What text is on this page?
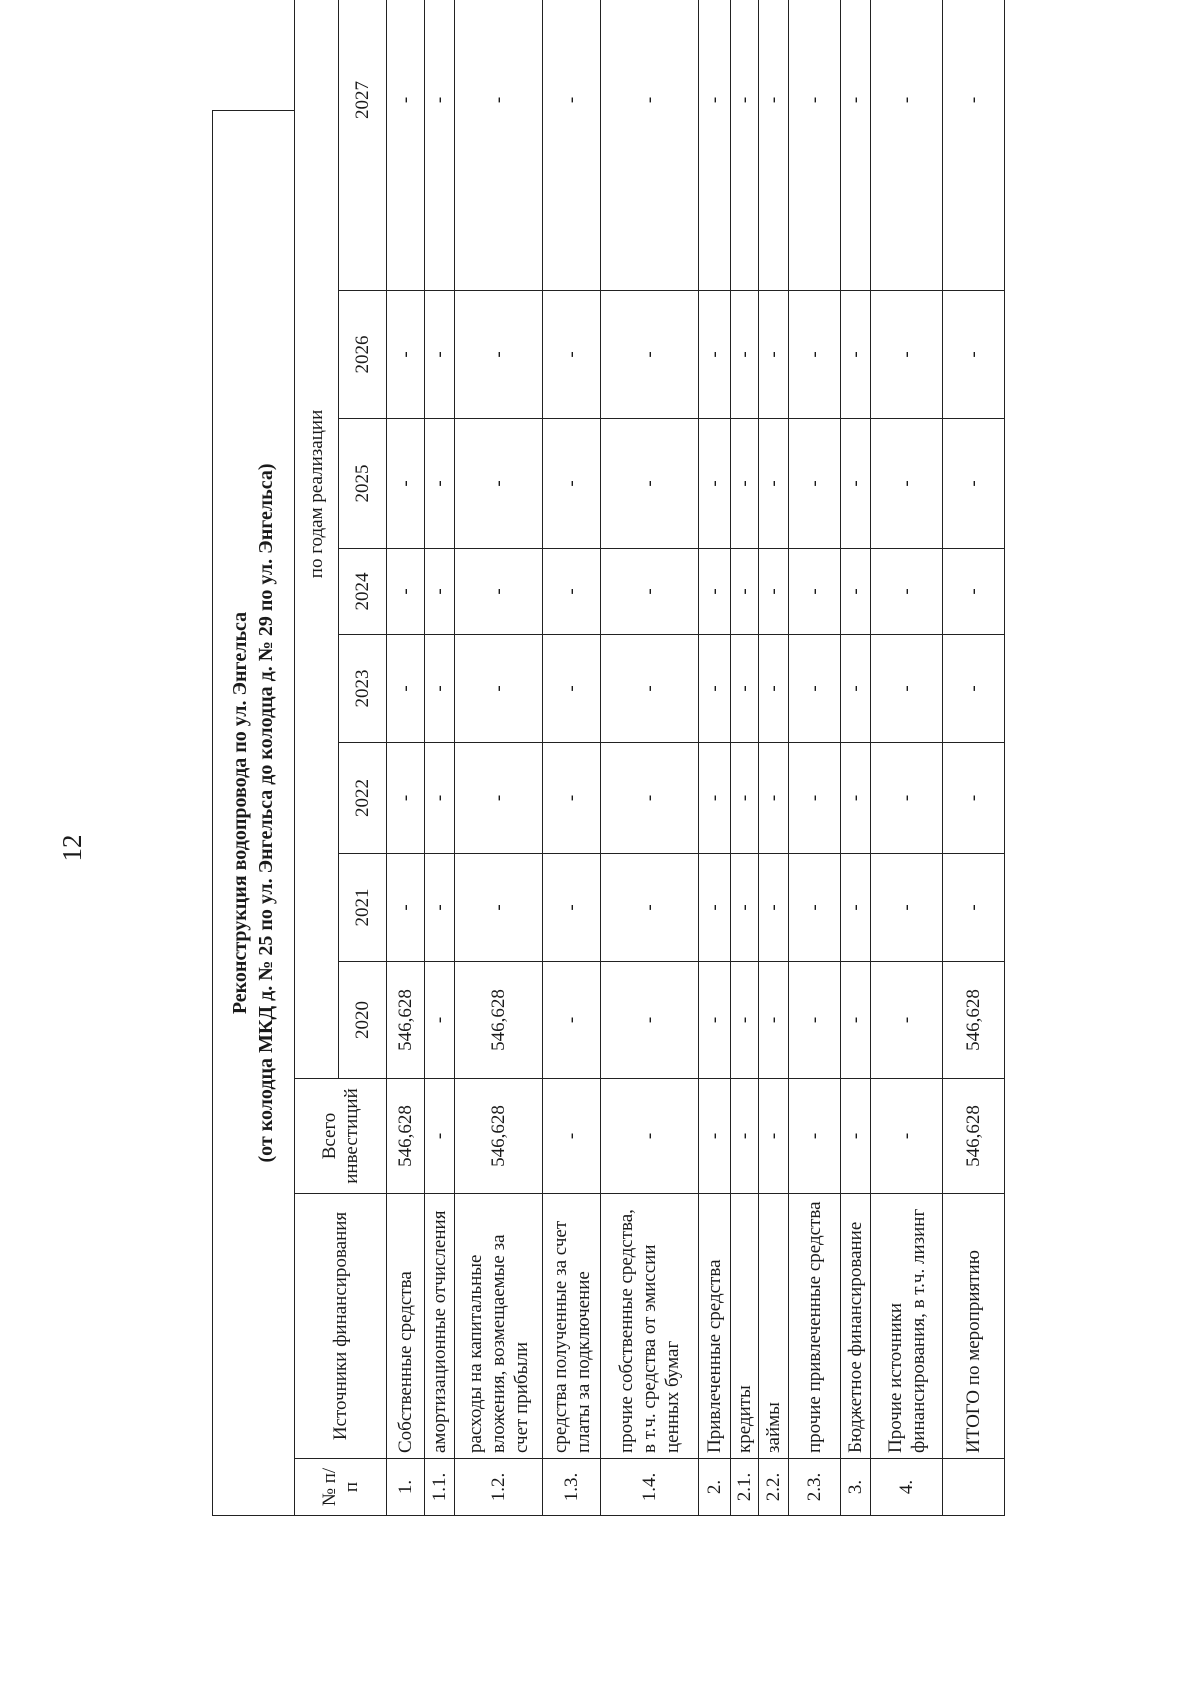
12	Реконструкция водопровода по ул. Энгельса (от колодца МКД д. № 25 по ул. Энгельса до колодца д. № 29 по ул. Энгельса)
№ п/п	Источники финансирования	Всего инвестиций	по годам реализации							
			2020	2021	2022	2023	2024	2025	2026	2027
1.	Собственные средства	546,628	546,628	-	-	-	-	-	-	-
1.1.	амортизационные отчисления	-	-	-	-	-	-	-	-	-
1.2.	расходы на капитальные вложения, возмещаемые за счет прибыли	546,628	546,628	-	-	-	-	-	-	-
1.3.	средства полученные за счет платы за подключение	-	-	-	-	-	-	-	-	-
1.4.	прочие собственные средства, в т.ч. средства от эмиссии ценных бумаг	-	-	-	-	-	-	-	-	-
2.	Привлеченные средства	-	-	-	-	-	-	-	-	-
2.1.	кредиты	-	-	-	-	-	-	-	-	-
2.2.	займы	-	-	-	-	-	-	-	-	-
2.3.	прочие привлеченные средства	-	-	-	-	-	-	-	-	-
3.	Бюджетное финансирование	-	-	-	-	-	-	-	-	-
4.	Прочие источники финансирования, в т.ч. лизинг	-	-	-	-	-	-	-	-	-
	ИТОГО по мероприятию	546,628	546,628	-	-	-	-	-	-	-
